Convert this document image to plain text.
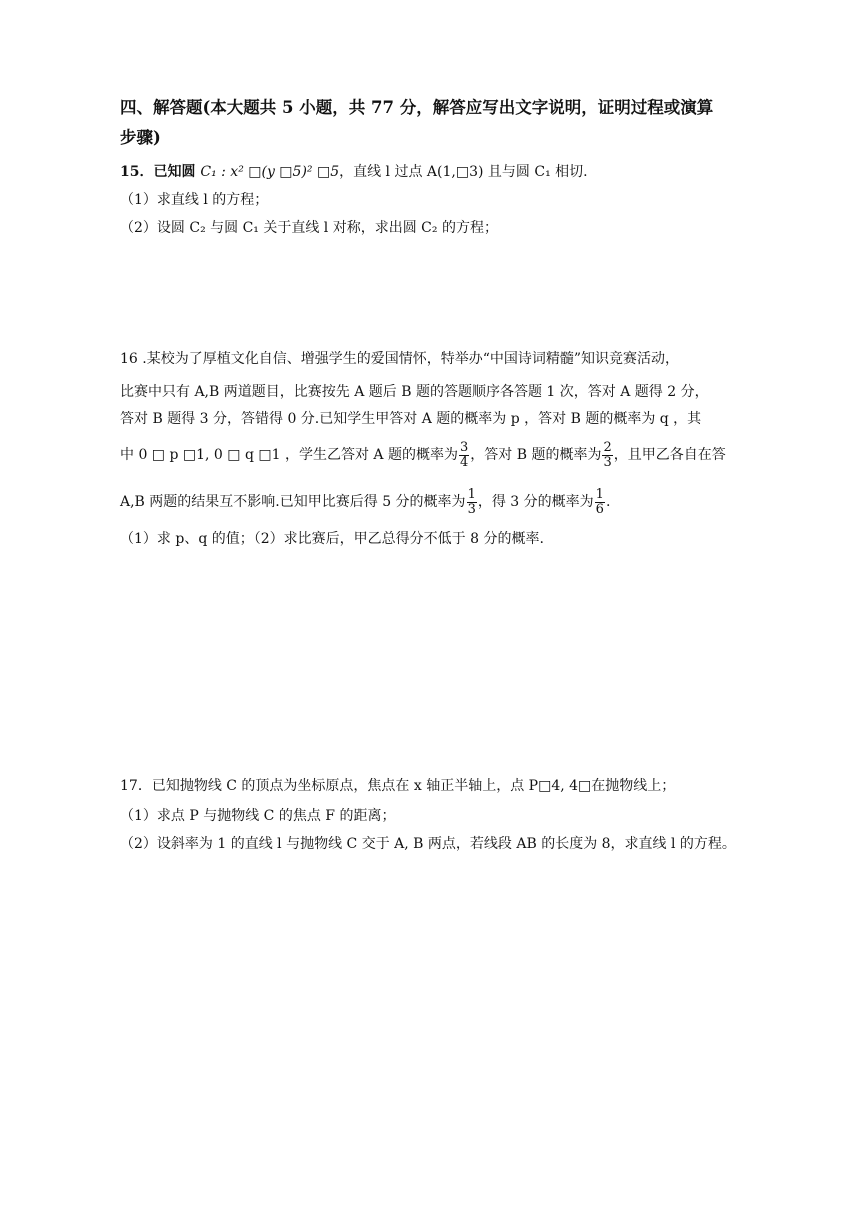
四、解答题(本大题共 5 小题，共 77 分，解答应写出文字说明，证明过程或演算
步骤)
15．已知圆 C₁ : x² □(y □5)² □5，直线 l 过点 A(1,□3) 且与圆 C₁ 相切.
（1）求直线 l 的方程；
（2）设圆 C₂ 与圆 C₁ 关于直线 l 对称，求出圆 C₂ 的方程；
16 .某校为了厚植文化自信、增强学生的爱国情怀，特举办“中国诗词精髓”知识竞赛活动，
比赛中只有 A,B 两道题目，比赛按先 A 题后 B 题的答题顺序各答题 1 次，答对 A 题得 2 分，
答对 B 题得 3 分，答错得 0 分.已知学生甲答对 A 题的概率为 p ，答对 B 题的概率为 q ，其
中 0 □ p □1, 0 □ q □1 ，学生乙答对 A 题的概率为 $\frac{3}{4}$ ，答对 B 题的概率为 $\frac{2}{3}$ ，且甲乙各自在答
A,B 两题的结果互不影响.已知甲比赛后得 5 分的概率为 $\frac{1}{3}$ ，得 3 分的概率为 $\frac{1}{6}$ .
（1）求 p、q 的值；（2）求比赛后，甲乙总得分不低于 8 分的概率.
17．已知抛物线 C 的顶点为坐标原点，焦点在 x 轴正半轴上，点 P□4, 4□在抛物线上；
（1）求点 P 与抛物线 C 的焦点 F 的距离；
（2）设斜率为 1 的直线 l 与抛物线 C 交于 A, B 两点，若线段 AB 的长度为 8，求直线 l 的方程。
